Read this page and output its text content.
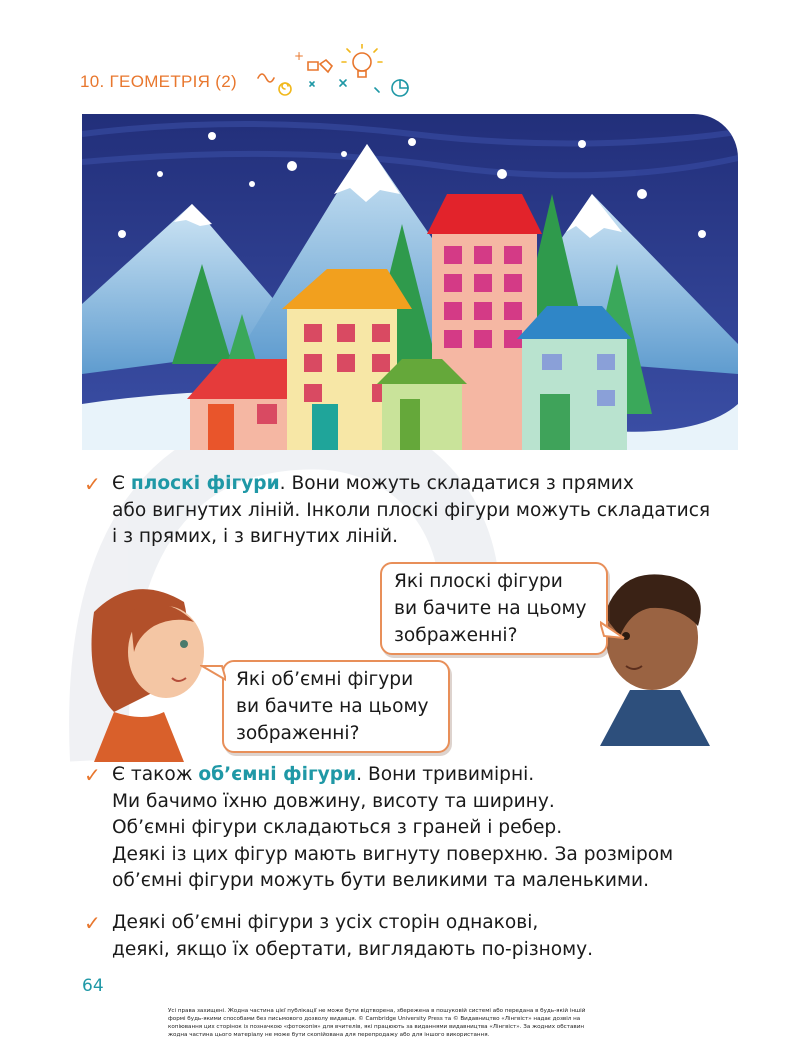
10. ГЕОМЕТРІЯ (2)
+
✓ Є плоскі фігури. Вони можуть складатися з прямих
або вигнутих ліній. Інколи плоскі фігури можуть складатися
і з прямих, і з вигнутих ліній.
Які плоскі фігури
ви бачите на цьому
зображенні?
Які об’ємні фігури
ви бачите на цьому
зображенні?
✓ Є також об’ємні фігури. Вони тривимірні.
Ми бачимо їхню довжину, висоту та ширину.
Об’ємні фігури складаються з граней і ребер.
Деякі із цих фігур мають вигнуту поверхню. За розміром
об’ємні фігури можуть бути великими та маленькими.
✓ Деякі об’ємні фігури з усіх сторін однакові,
деякі, якщо їх обертати, виглядають по-різному.
64
Усі права захищені. Жодна частина цієї публікації не може бути відтворена, збережена в пошуковій системі або передана в будь-якій іншій
формі будь-якими способами без письмового дозволу видавця. © Cambridge University Press та © Видавництво «Лінгвіст» надає дозвіл на
копіювання цих сторінок із позначкою «фотокопія» для вчителів, які працюють за виданнями видавництва «Лінгвіст». За жодних обставин
жодна частина цього матеріалу не може бути скопійована для перепродажу або для іншого використання.
